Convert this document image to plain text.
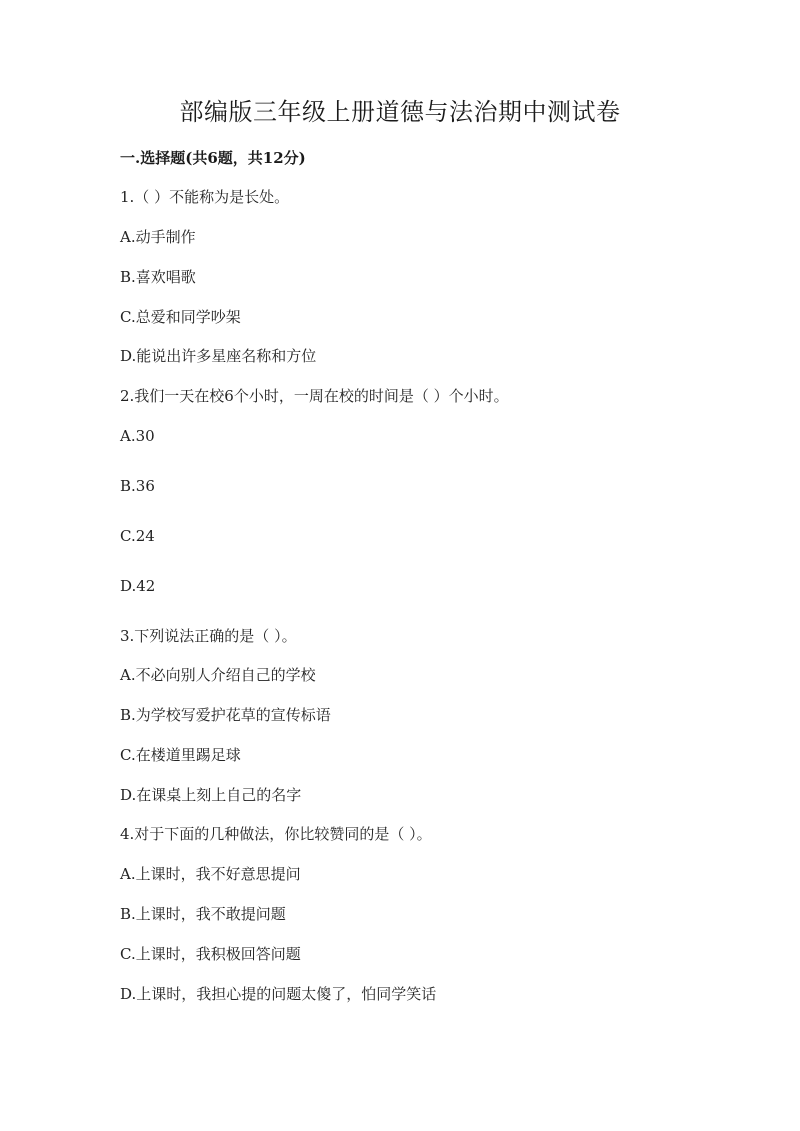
部编版三年级上册道德与法治期中测试卷
一.选择题(共6题，共12分)
1.（ ）不能称为是长处。
A.动手制作
B.喜欢唱歌
C.总爱和同学吵架
D.能说出许多星座名称和方位
2.我们一天在校6个小时，一周在校的时间是（ ）个小时。
A.30
B.36
C.24
D.42
3.下列说法正确的是（ ）。
A.不必向别人介绍自己的学校
B.为学校写爱护花草的宣传标语
C.在楼道里踢足球
D.在课桌上刻上自己的名字
4.对于下面的几种做法，你比较赞同的是（ ）。
A.上课时，我不好意思提问
B.上课时，我不敢提问题
C.上课时，我积极回答问题
D.上课时，我担心提的问题太傻了，怕同学笑话
